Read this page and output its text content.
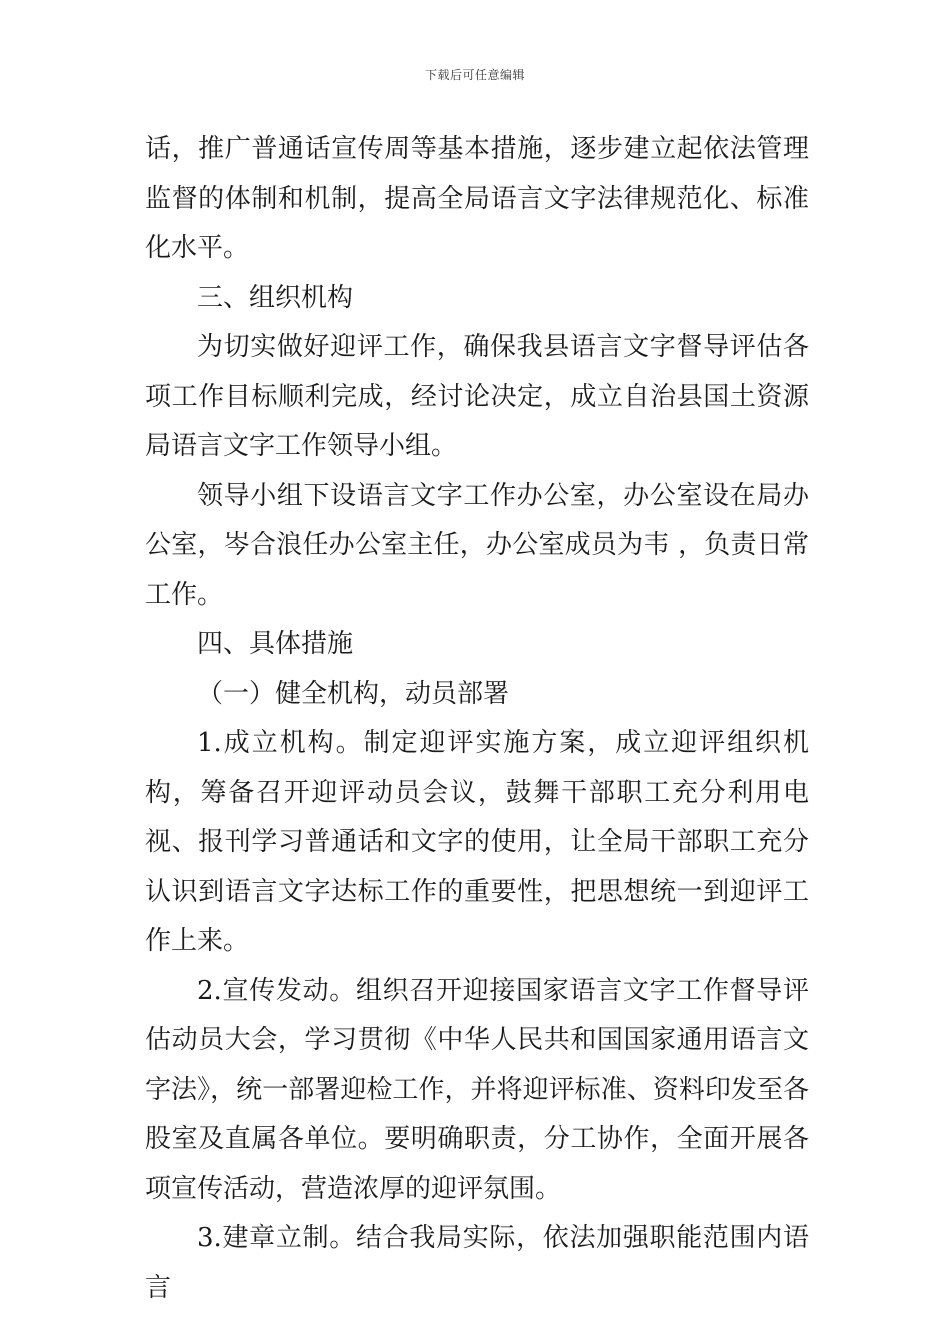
下载后可任意编辑

话，推广普通话宣传周等基本措施，逐步建立起依法管理监督的体制和机制，提高全局语言文字法律规范化、标准化水平。

三、组织机构

为切实做好迎评工作，确保我县语言文字督导评估各项工作目标顺利完成，经讨论决定，成立自治县国土资源局语言文字工作领导小组。

领导小组下设语言文字工作办公室，办公室设在局办公室，岑合浪任办公室主任，办公室成员为韦 ，负责日常工作。

四、具体措施

（一）健全机构，动员部署

1.成立机构。制定迎评实施方案，成立迎评组织机构，筹备召开迎评动员会议，鼓舞干部职工充分利用电视、报刊学习普通话和文字的使用，让全局干部职工充分认识到语言文字达标工作的重要性，把思想统一到迎评工作上来。

2.宣传发动。组织召开迎接国家语言文字工作督导评估动员大会，学习贯彻《中华人民共和国国家通用语言文字法》，统一部署迎检工作，并将迎评标准、资料印发至各股室及直属各单位。要明确职责，分工协作，全面开展各项宣传活动，营造浓厚的迎评氛围。

3.建章立制。结合我局实际，依法加强职能范围内语言
